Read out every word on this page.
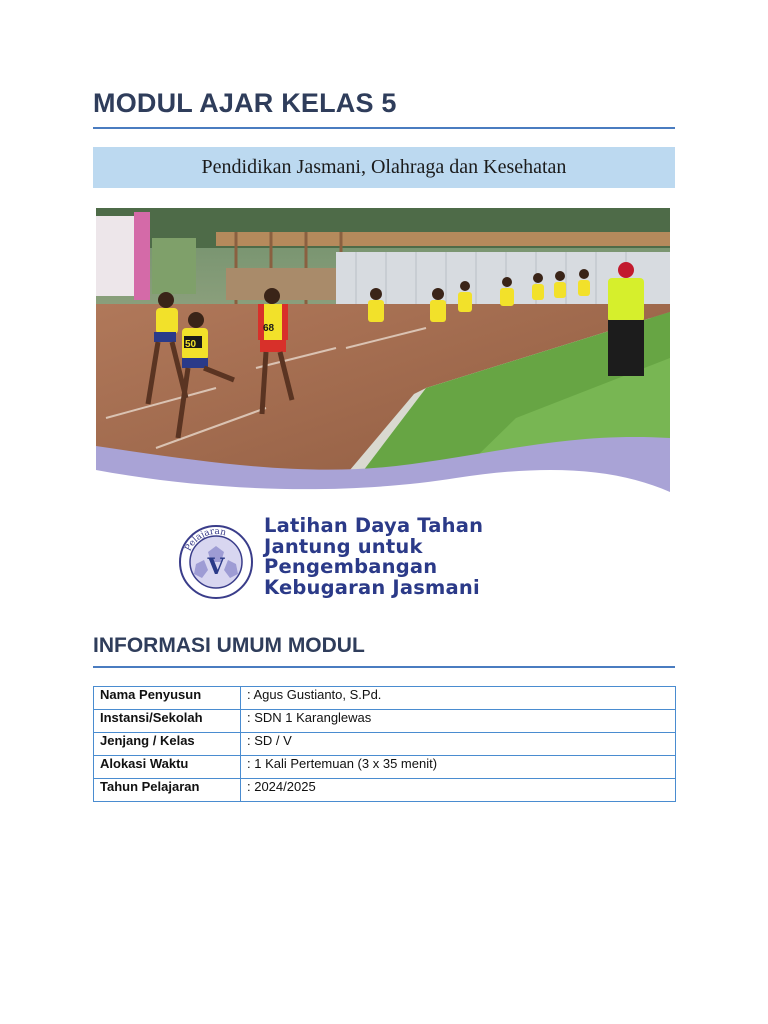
MODUL AJAR KELAS 5
Pendidikan Jasmani, Olahraga dan Kesehatan
50
68
Pelajaran
V
Latihan Daya Tahan
Jantung untuk
Pengembangan
Kebugaran Jasmani
INFORMASI UMUM MODUL
Nama Penyusun	: Agus Gustianto, S.Pd.
Instansi/Sekolah	: SDN 1 Karanglewas
Jenjang / Kelas	: SD / V
Alokasi Waktu	: 1 Kali Pertemuan (3 x 35 menit)
Tahun Pelajaran	: 2024/2025
